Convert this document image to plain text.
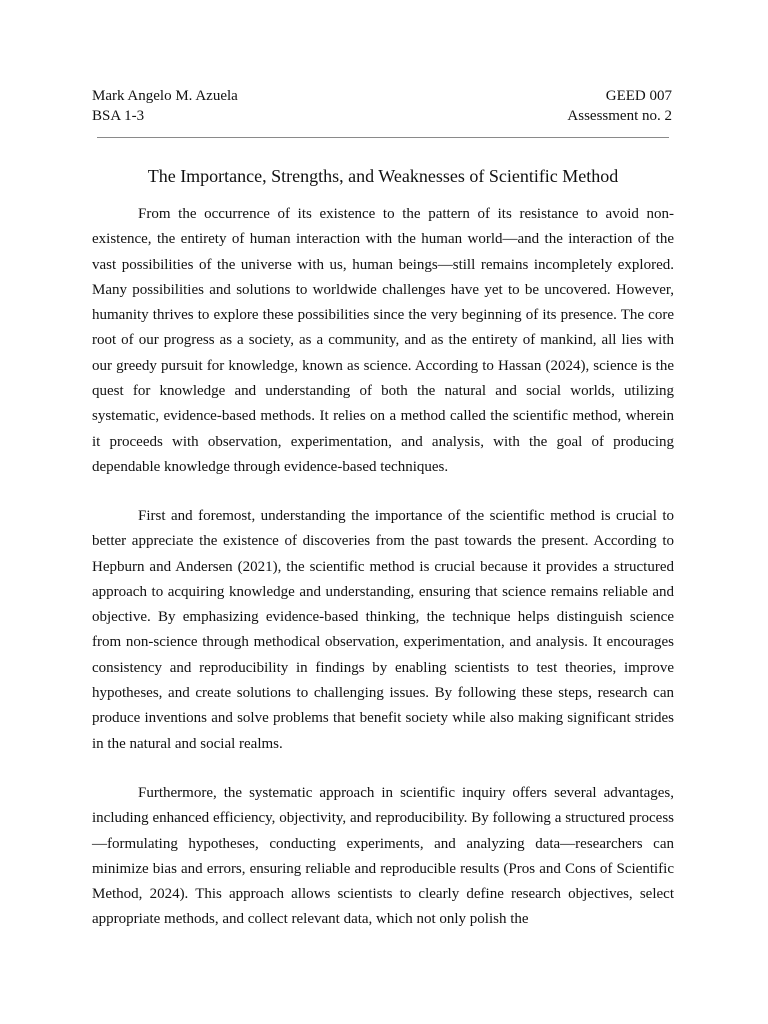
Mark Angelo M. Azuela	GEED 007
BSA 1-3	Assessment no. 2
The Importance, Strengths, and Weaknesses of Scientific Method

From the occurrence of its existence to the pattern of its resistance to avoid non-existence, the entirety of human interaction with the human world—and the interaction of the vast possibilities of the universe with us, human beings—still remains incompletely explored. Many possibilities and solutions to worldwide challenges have yet to be uncovered. However, humanity thrives to explore these possibilities since the very beginning of its presence. The core root of our progress as a society, as a community, and as the entirety of mankind, all lies with our greedy pursuit for knowledge, known as science. According to Hassan (2024), science is the quest for knowledge and understanding of both the natural and social worlds, utilizing systematic, evidence-based methods. It relies on a method called the scientific method, wherein it proceeds with observation, experimentation, and analysis, with the goal of producing dependable knowledge through evidence-based techniques.

First and foremost, understanding the importance of the scientific method is crucial to better appreciate the existence of discoveries from the past towards the present. According to Hepburn and Andersen (2021), the scientific method is crucial because it provides a structured approach to acquiring knowledge and understanding, ensuring that science remains reliable and objective. By emphasizing evidence-based thinking, the technique helps distinguish science from non-science through methodical observation, experimentation, and analysis. It encourages consistency and reproducibility in findings by enabling scientists to test theories, improve hypotheses, and create solutions to challenging issues. By following these steps, research can produce inventions and solve problems that benefit society while also making significant strides in the natural and social realms.

Furthermore, the systematic approach in scientific inquiry offers several advantages, including enhanced efficiency, objectivity, and reproducibility. By following a structured process—formulating hypotheses, conducting experiments, and analyzing data—researchers can minimize bias and errors, ensuring reliable and reproducible results (Pros and Cons of Scientific Method, 2024). This approach allows scientists to clearly define research objectives, select appropriate methods, and collect relevant data, which not only polish the
